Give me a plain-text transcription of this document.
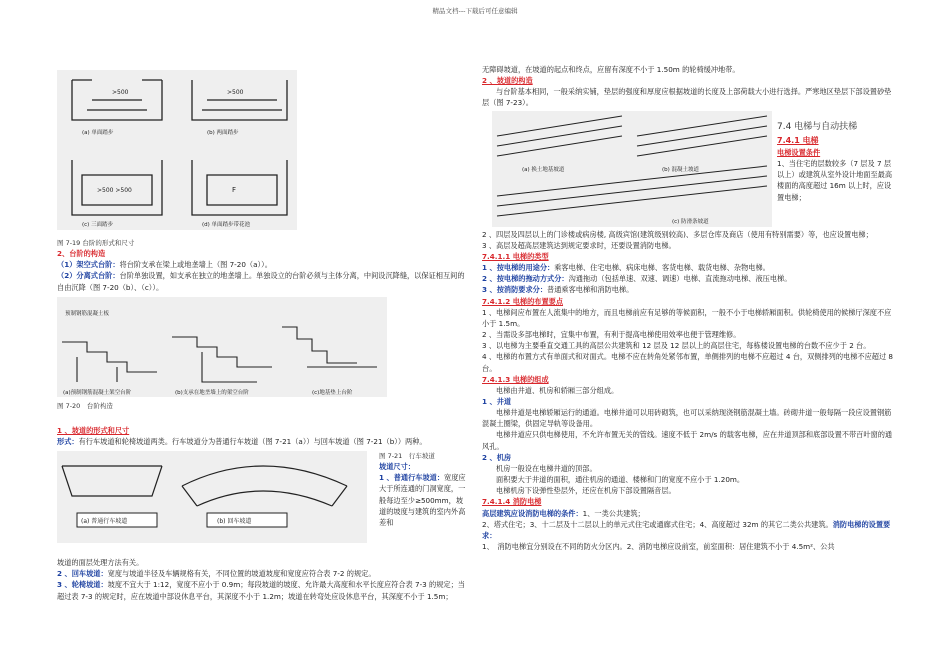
精品文档---下载后可任意编辑
>500	>500
>500 >500	F
(a) 单面踏步	(b) 两面踏步
(c) 三面踏步	(d) 单面踏步带花池

图 7-19 台阶的形式和尺寸

2、台阶的构造

（1）架空式台阶：将台阶支承在梁上或地垄墙上（图 7-20（a））。

（2）分离式台阶：台阶单独设置，如支承在独立的地垄墙上。单独设立的台阶必须与主体分离，中间设沉降缝，以保证相互间的自由沉降（图 7-20（b）、（c））。

预制钢筋混凝土板
(a)预制钢筋混凝土架空台阶	(b)支承在地垄墙上的架空台阶	(c)地基垫上台阶

图 7-20　台阶构造

1 、坡道的形式和尺寸

形式：有行车坡道和轮椅坡道两类。行车坡道分为普通行车坡道（图 7-21（a））与回车坡道（图 7-21（b））两种。

(a) 普通行车坡道	(b) 回车坡道

图 7-21　行车坡道

坡道尺寸：

1 、普通行车坡道：宽度应大于所连通的门洞宽度，一般每边至少≥500mm，坡道的坡度与建筑的室内外高差和

坡道的面层处理方法有关。

2 、回车坡道：宽度与坡道半径及车辆规格有关，不同位置的坡道坡度和宽度应符合表 7-2 的规定。

3 、轮椅坡道：坡度不宜大于 1:12，宽度不应小于 0.9m；每段坡道的坡度、允许最大高度和水平长度应符合表 7-3 的规定；当超过表 7-3 的规定时，应在坡道中部设休息平台，其深度不小于 1.2m；坡道在转弯处应设休息平台，其深度不小于 1.5m；

无障碍坡道，在坡道的起点和终点，应留有深度不小于 1.50m 的轮椅缓冲地带。

2 、坡道的构造

与台阶基本相同，一般采纳实铺，垫层的强度和厚度应根据坡道的长度及上部荷载大小进行选择。严寒地区垫层下部设置砂垫层（图 7-23）。

(a) 换土地基坡道	(b) 混凝土坡道
(c) 防滑条坡道

7.4 电梯与自动扶梯

7.4.1 电梯

电梯设置条件

1、当住宅的层数较多（7 层及 7 层以上）或建筑从室外设计地面至最高楼面的高度超过 16m 以上时，应设置电梯；

2 、四层及四层以上的门诊楼或病房楼, 高级宾馆(建筑级别较高)、多层仓库及商店（使用有特别需要）等，也应设置电梯；

3 、高层及超高层建筑达到规定要求时，还要设置消防电梯。

7.4.1.1 电梯的类型

1 、按电梯的用途分：乘客电梯、住宅电梯、病床电梯、客货电梯、载货电梯、杂物电梯。

2 、按电梯的拖动方式分：沟通拖动（包括单速、双速、调速）电梯、直流拖动电梯、液压电梯。

3 、按消防要求分：普通乘客电梯和消防电梯。

7.4.1.2 电梯的布置要点

1 、电梯间应布置在人流集中的地方，而且电梯前应有足够的等候面积，一般不小于电梯轿厢面积。供轮椅使用的候梯厅深度不应小于 1.5m。

2 、当需设多部电梯时，宜集中布置，有利于提高电梯使用效率也便于管理维修。

3 、以电梯为主要垂直交通工具的高层公共建筑和 12 层及 12 层以上的高层住宅，每栋楼设置电梯的台数不应少于 2 台。

4 、电梯的布置方式有单面式和对面式。电梯不应在转角处紧邻布置，单侧排列的电梯不应超过 4 台，双侧排列的电梯不应超过 8 台。

7.4.1.3 电梯的组成

电梯由井道、机房和轿厢三部分组成。

1 、井道

电梯井道是电梯轿厢运行的通道。电梯井道可以用砖砌筑，也可以采纳现浇钢筋混凝土墙。砖砌井道一般每隔一段应设置钢筋混凝土圈梁，供固定导轨等设备用。

电梯井道应只供电梯使用，不允许布置无关的管线。速度不低于 2m/s 的载客电梯，应在井道顶部和底部设置不带百叶窗的通风孔。

2 、机房

机房一般设在电梯井道的顶部。

面积要大于井道的面积，通往机房的通道、楼梯和门的宽度不应小于 1.20m。

电梯机房下设弹性垫层外，还应在机房下部设置隔音层。

7.4.1.4 消防电梯

高层建筑应设消防电梯的条件：1、一类公共建筑；

2、塔式住宅；3、十二层及十二层以上的单元式住宅或通廊式住宅；4、高度超过 32m 的其它二类公共建筑。消防电梯的设置要求：

1、　消防电梯宜分别设在不同的防火分区内。2、消防电梯应设前室，前室面积：居住建筑不小于 4.5m²、公共
